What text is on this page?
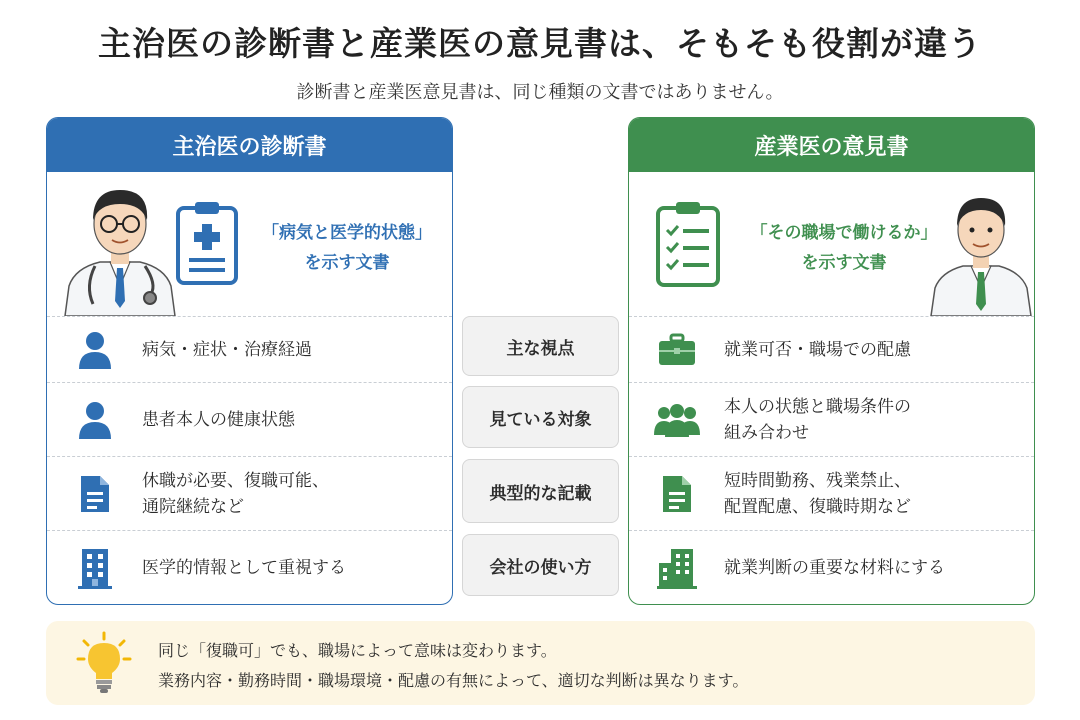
主治医の診断書と産業医の意見書は、そもそも役割が違う
診断書と産業医意見書は、同じ種類の文書ではありません。
主治医の診断書
「病気と医学的状態」
を示す文書
病気・症状・治療経過
患者本人の健康状態
休職が必要、復職可能、
通院継続など
医学的情報として重視する
産業医の意見書
「その職場で働けるか」
を示す文書
就業可否・職場での配慮
本人の状態と職場条件の
組み合わせ
短時間勤務、残業禁止、
配置配慮、復職時期など
就業判断の重要な材料にする
主な視点
見ている対象
典型的な記載
会社の使い方
同じ「復職可」でも、職場によって意味は変わります。
業務内容・勤務時間・職場環境・配慮の有無によって、適切な判断は異なります。
